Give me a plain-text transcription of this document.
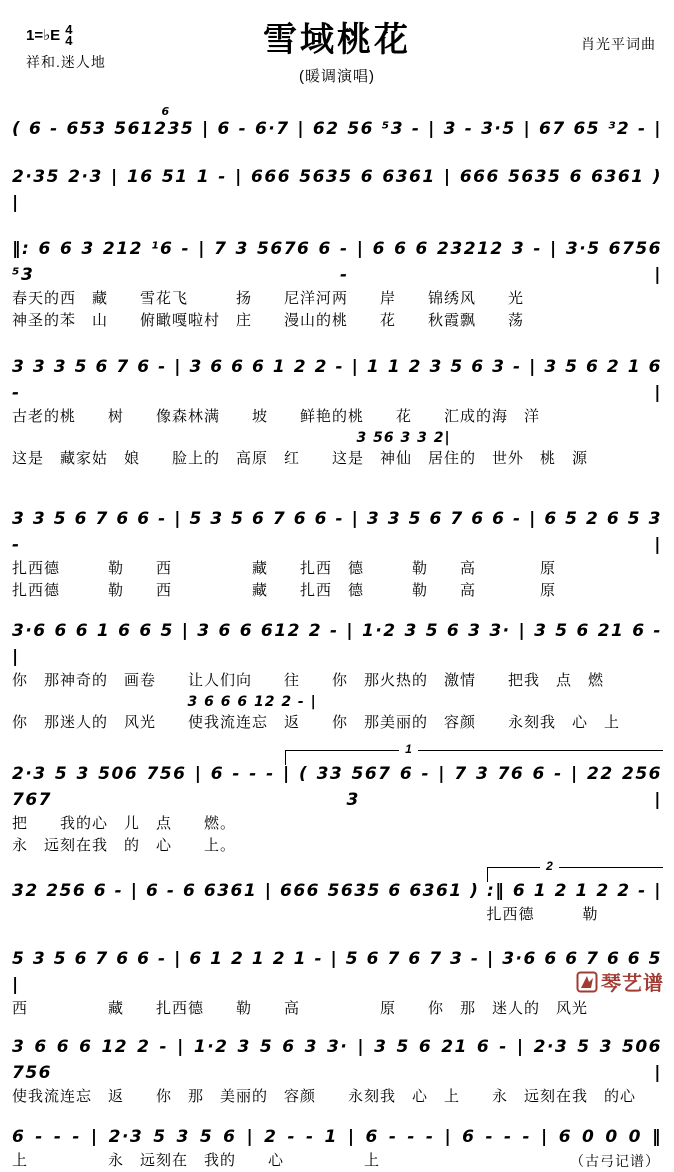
1=♭E 4
4
祥和.迷人地
雪域桃花
(暖调演唱)
肖光平词曲
6
( 6 - 653 561235 | 6 - 6·7 | 62 56 ⁵3 - | 3 - 3·5 | 67 65 ³2 - |
2·35 2·3 | 16 51 1 - | 666 5635 6 6361 | 666 5635 6 6361 ) |
‖: 6 6 3 212 ¹6 - | 7 3 5676 6 - | 6 6 6 23212 3 - | 3·5 6756 ⁵3 - |
春天的西　藏　　雪花飞　　　扬　　尼洋河两　　岸　　锦绣风　　光
神圣的苯　山　　俯瞰嘎啦村　庄　　漫山的桃　　花　　秋霞飘　　荡
3 3 3 5 6 7 6 - | 3 6 6 6 1 2 2 - | 1 1 2 3 5 6 3 - | 3 5 6 2 1 6 - |
古老的桃　　树　　像森林满　　坡　　鲜艳的桃　　花　　汇成的海　洋
3 56 3 3 2|
这是　藏家姑　娘　　脸上的　高原　红　　这是　神仙　居住的　世外　桃　源
3 3 5 6 7 6 6 - | 5 3 5 6 7 6 6 - | 3 3 5 6 7 6 6 - | 6 5 2 6 5 3 - |
扎西德　　　勒　　西　　　　　藏　　扎西　德　　　勒　　高　　　　原
扎西德　　　勒　　西　　　　　藏　　扎西　德　　　勒　　高　　　　原
3·6 6 6 1 6 6 5 | 3 6 6 612 2 - | 1·2 3 5 6 3 3· | 3 5 6 21 6 - |
你　那神奇的　画卷　　让人们向　　往　　你　那火热的　激情　　把我　点　燃
3 6 6 6 12 2 - |
你　那迷人的　风光　　使我流连忘　返　　你　那美丽的　容颜　　永刻我　心　上
1
2·3 5 3 506 756 | 6 - - - | ( 33 567 6 - | 7 3 76 6 - | 22 256 767 3 |
把　　我的心　儿　点　　燃。
永　远刻在我　的　心　　上。
2
32 256 6 - | 6 - 6 6361 | 666 5635 6 6361 ) :‖ 6 1 2 1 2 2 - |
扎西德　　　勒
5 3 5 6 7 6 6 - | 6 1 2 1 2 1 - | 5 6 7 6 7 3 - | 3·6 6 6 7 6 6 5 |
西　　　　　藏　　扎西德　　勒　　高　　　　　原　　你　那　迷人的　风光
3 6 6 6 12 2 - | 1·2 3 5 6 3 3· | 3 5 6 21 6 - | 2·3 5 3 506 756 |
使我流连忘　返　　你　那　美丽的　容颜　　永刻我　心　上　　永　远刻在我　的心
6 - - - | 2·3 5 3 5 6 | 2 - - 1 | 6 - - - | 6 - - - | 6 0 0 0 ‖
上　　　　　永　远刻在　我的　　心　　　　　上	（古弓记谱）
琴艺谱
